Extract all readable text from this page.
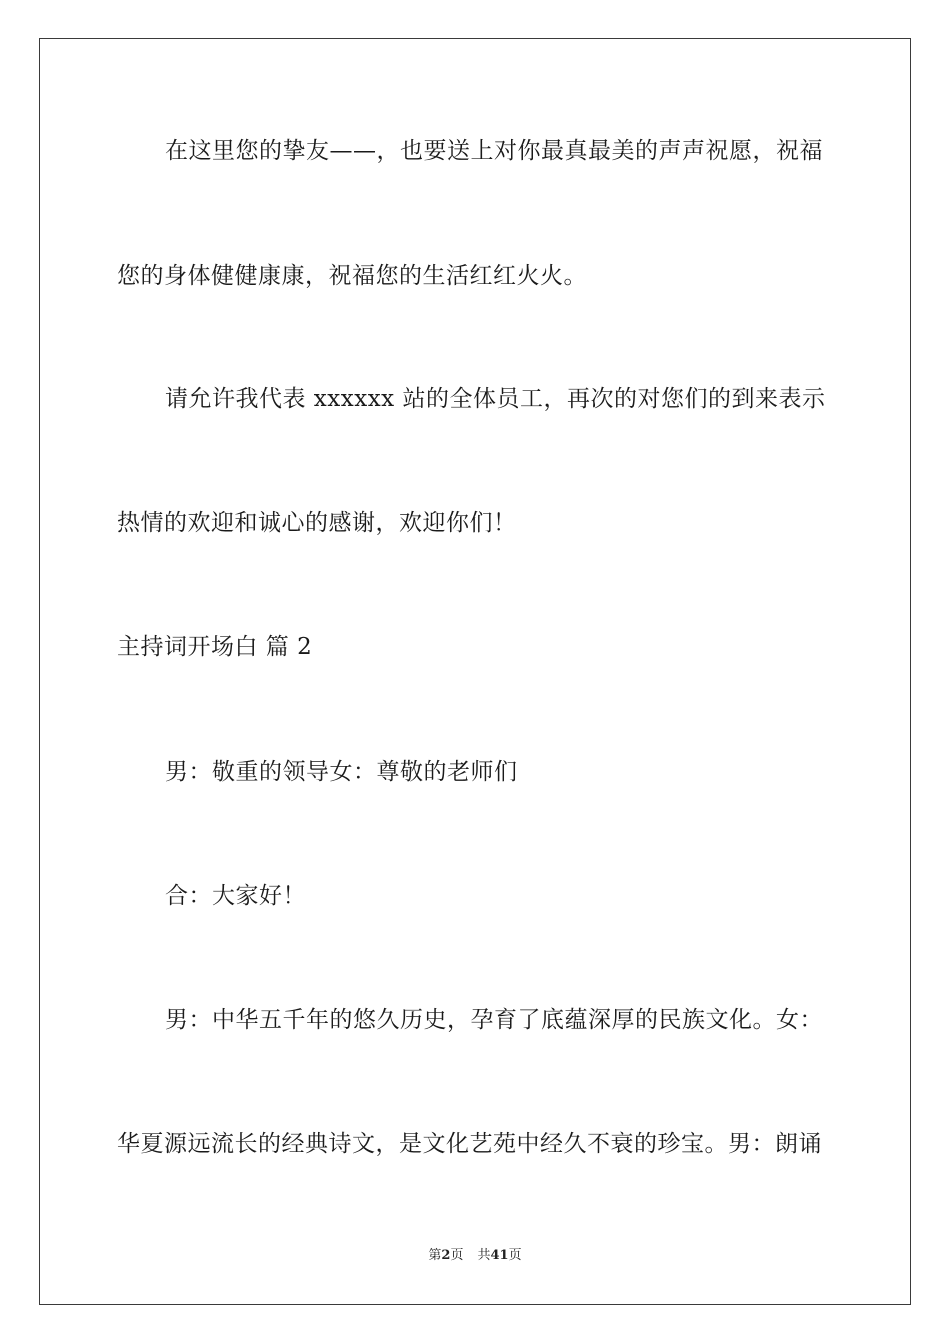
在这里您的挚友——，也要送上对你最真最美的声声祝愿，祝福
您的身体健健康康，祝福您的生活红红火火。
请允许我代表 xxxxxx 站的全体员工，再次的对您们的到来表示
热情的欢迎和诚心的感谢，欢迎你们！
主持词开场白 篇 2
男：敬重的领导女：尊敬的老师们
合：大家好！
男：中华五千年的悠久历史，孕育了底蕴深厚的民族文化。女：
华夏源远流长的经典诗文，是文化艺苑中经久不衰的珍宝。男：朗诵
第2页 共41页
